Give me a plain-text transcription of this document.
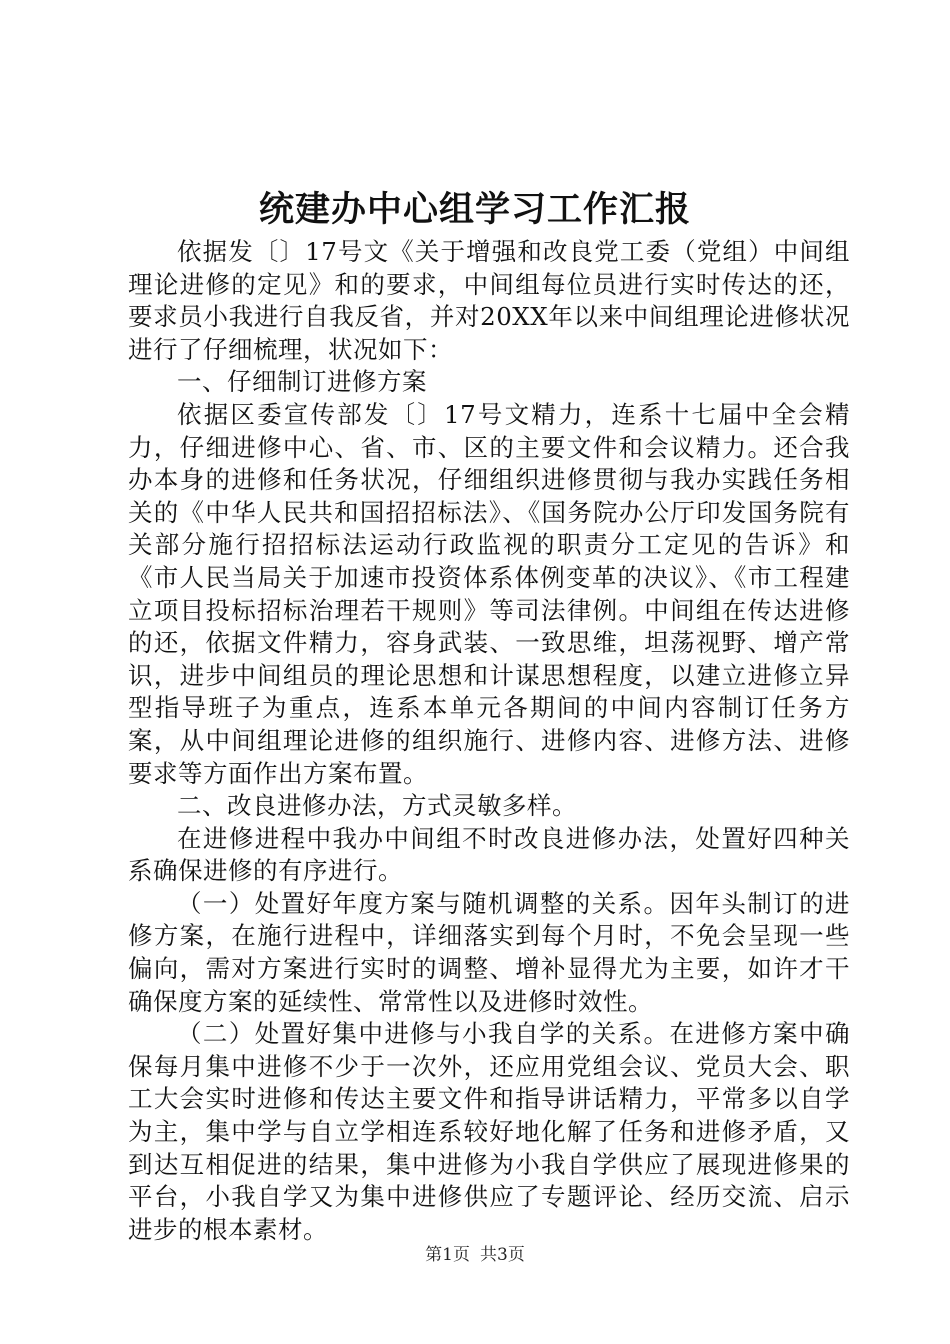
统建办中心组学习工作汇报

依据发〔〕17号文《关于增强和改良党工委（党组）中间组理论进修的定见》和的要求，中间组每位员进行实时传达的还，要求员小我进行自我反省，并对20XX年以来中间组理论进修状况进行了仔细梳理，状况如下：

一、仔细制订进修方案

依据区委宣传部发〔〕17号文精力，连系十七届中全会精力，仔细进修中心、省、市、区的主要文件和会议精力。还合我办本身的进修和任务状况，仔细组织进修贯彻与我办实践任务相关的《中华人民共和国招招标法》、《国务院办公厅印发国务院有关部分施行招招标法运动行政监视的职责分工定见的告诉》和《市人民当局关于加速市投资体系体例变革的决议》、《市工程建立项目投标招标治理若干规则》等司法律例。中间组在传达进修的还，依据文件精力，容身武装、一致思维，坦荡视野、增产常识，进步中间组员的理论思想和计谋思想程度，以建立进修立异型指导班子为重点，连系本单元各期间的中间内容制订任务方案，从中间组理论进修的组织施行、进修内容、进修方法、进修要求等方面作出方案布置。

二、改良进修办法，方式灵敏多样。

在进修进程中我办中间组不时改良进修办法，处置好四种关系确保进修的有序进行。

（一）处置好年度方案与随机调整的关系。因年头制订的进修方案，在施行进程中，详细落实到每个月时，不免会呈现一些偏向，需对方案进行实时的调整、增补显得尤为主要，如许才干确保度方案的延续性、常常性以及进修时效性。

（二）处置好集中进修与小我自学的关系。在进修方案中确保每月集中进修不少于一次外，还应用党组会议、党员大会、职工大会实时进修和传达主要文件和指导讲话精力，平常多以自学为主，集中学与自立学相连系较好地化解了任务和进修矛盾，又到达互相促进的结果，集中进修为小我自学供应了展现进修果的平台，小我自学又为集中进修供应了专题评论、经历交流、启示进步的根本素材。

第1页 共3页
